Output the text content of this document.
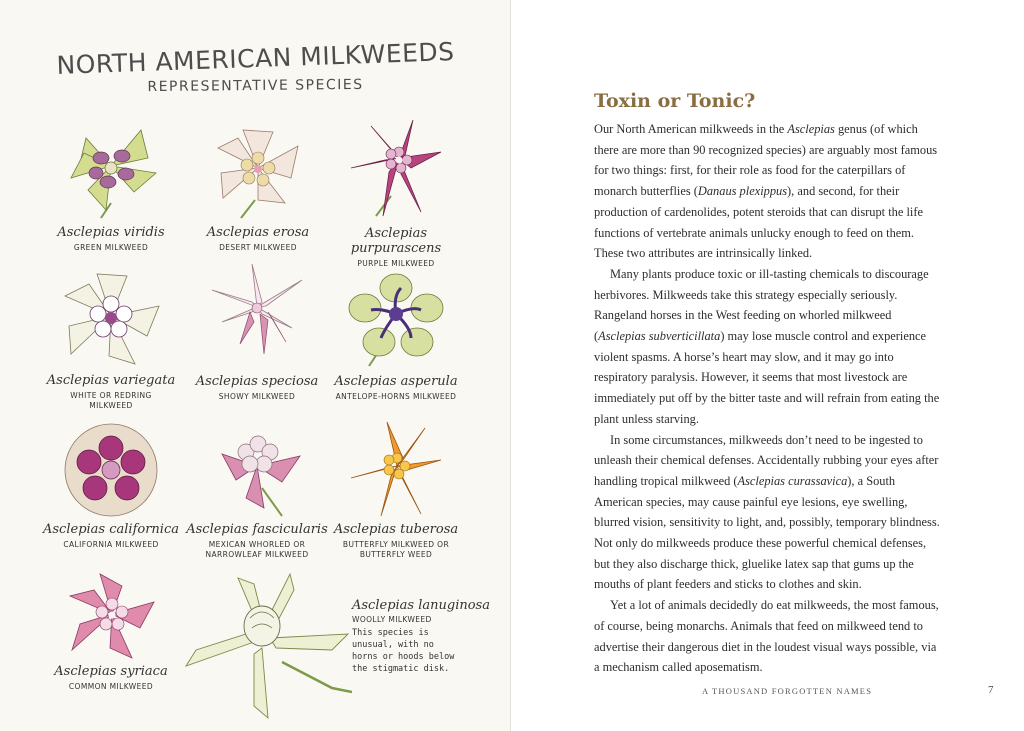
NORTH AMERICAN MILKWEEDS
REPRESENTATIVE SPECIES
Asclepias viridis
GREEN MILKWEED
Asclepias erosa
DESERT MILKWEED
Asclepias purpurascens
PURPLE MILKWEED
Asclepias variegata
WHITE OR REDRING
MILKWEED
Asclepias speciosa
SHOWY MILKWEED
Asclepias asperula
ANTELOPE-HORNS MILKWEED
Asclepias californica
CALIFORNIA MILKWEED
Asclepias fascicularis
MEXICAN WHORLED OR
NARROWLEAF MILKWEED
Asclepias tuberosa
BUTTERFLY MILKWEED OR
BUTTERFLY WEED
Asclepias syriaca
COMMON MILKWEED
Asclepias lanuginosa
WOOLLY MILKWEED
This species is unusual, with no horns or hoods below the stigmatic disk.
Toxin or Tonic?

Our North American milkweeds in the Asclepias genus (of which there are more than 90 recognized species) are arguably most famous for two things: first, for their role as food for the caterpillars of monarch butterflies (Danaus plexippus), and second, for their production of cardenolides, potent steroids that can disrupt the life functions of vertebrate animals unlucky enough to feed on them. These two attributes are intrinsically linked.

Many plants produce toxic or ill-tasting chemicals to discourage herbivores. Milkweeds take this strategy especially seriously. Rangeland horses in the West feeding on whorled milkweed (Asclepias subverticillata) may lose muscle control and experience violent spasms. A horse’s heart may slow, and it may go into respiratory paralysis. However, it seems that most livestock are immediately put off by the bitter taste and will refrain from eating the plant unless starving.

In some circumstances, milkweeds don’t need to be ingested to unleash their chemical defenses. Accidentally rubbing your eyes after handling tropical milkweed (Asclepias curassavica), a South American species, may cause painful eye lesions, eye swelling, blurred vision, sensitivity to light, and, possibly, temporary blindness. Not only do milkweeds produce these powerful chemical defenses, but they also discharge thick, gluelike latex sap that gums up the mouths of plant feeders and sticks to clothes and skin.

Yet a lot of animals decidedly do eat milkweeds, the most famous, of course, being monarchs. Animals that feed on milkweed tend to advertise their dangerous diet in the loudest visual ways possible, via a mechanism called aposematism.

A THOUSAND FORGOTTEN NAMES	7
